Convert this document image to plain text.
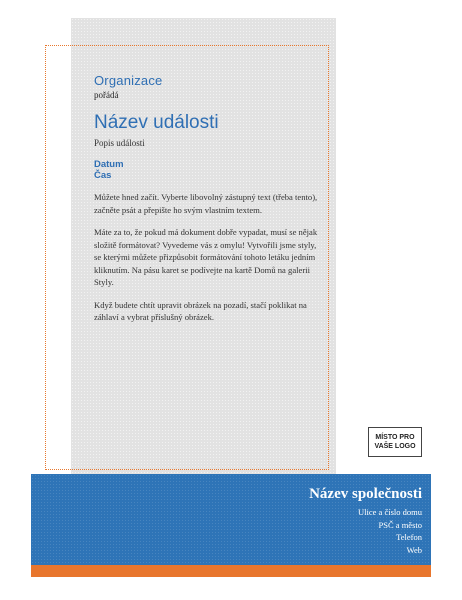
Organizace
pořádá
Název události
Popis události
Datum
Čas
Můžete hned začít. Vyberte libovolný zástupný text (třeba tento), začněte psát a přepište ho svým vlastním textem.
Máte za to, že pokud má dokument dobře vypadat, musí se nějak složitě formátovat? Vyvedeme vás z omylu! Vytvořili jsme styly, se kterými můžete přizpůsobit formátování tohoto letáku jedním kliknutím. Na pásu karet se podívejte na kartě Domů na galerii Styly.
Když budete chtít upravit obrázek na pozadí, stačí poklikat na záhlaví a vybrat příslušný obrázek.
MÍSTO PRO
VAŠE LOGO
Název společnosti
Ulice a číslo domu
PSČ a město
Telefon
Web
